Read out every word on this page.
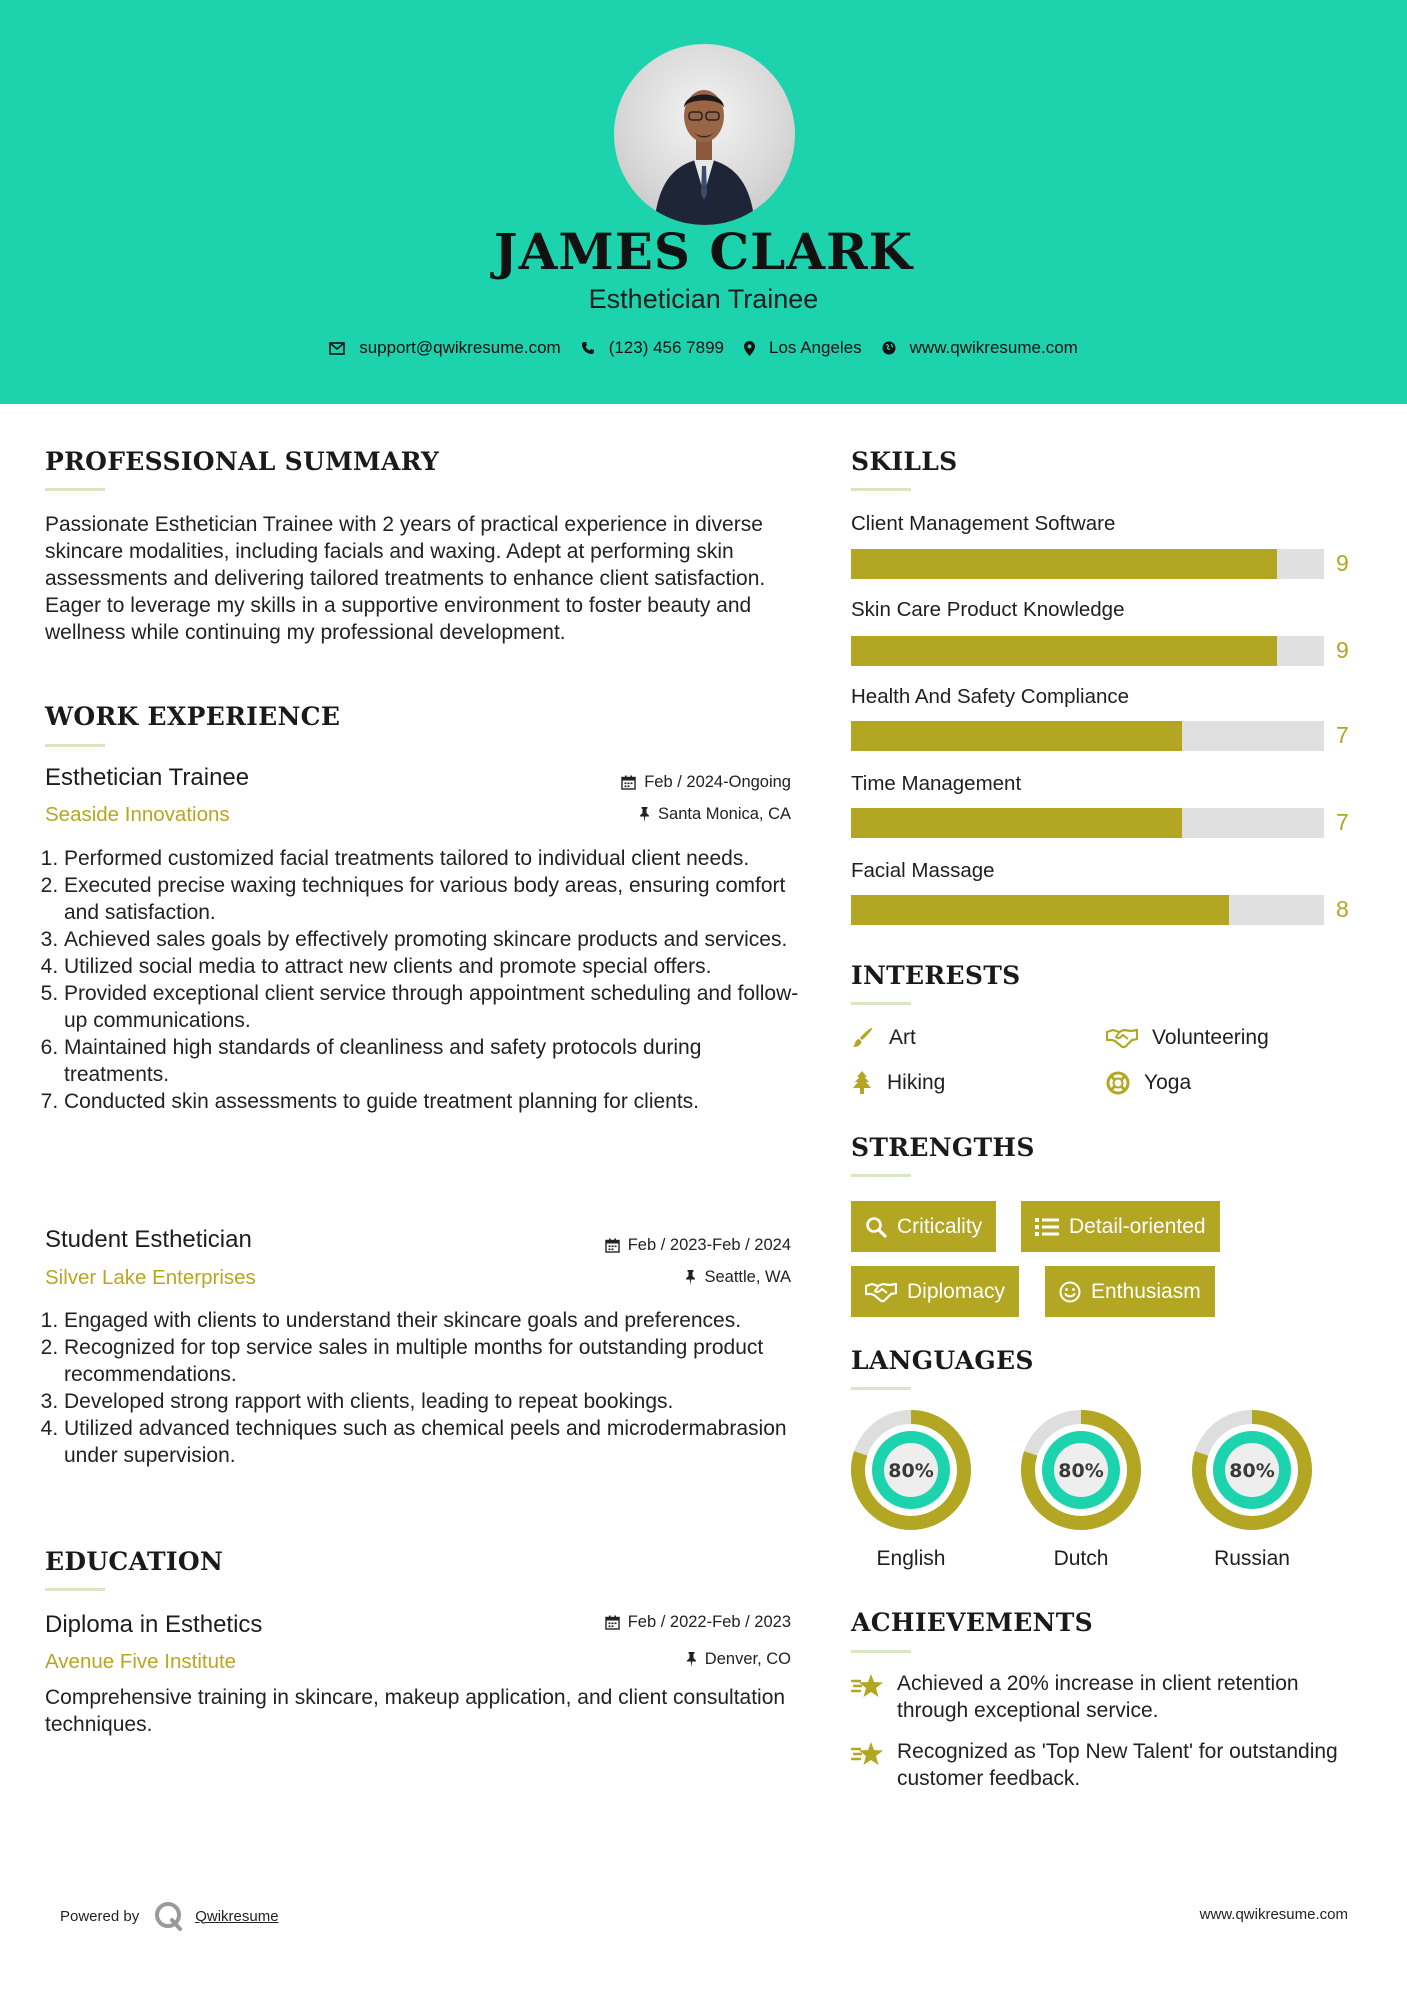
JAMES CLARK
Esthetician Trainee
support@qwikresume.com	(123) 456 7899	Los Angeles	www.qwikresume.com
PROFESSIONAL SUMMARY
Passionate Esthetician Trainee with 2 years of practical experience in diverse skincare modalities, including facials and waxing. Adept at performing skin assessments and delivering tailored treatments to enhance client satisfaction. Eager to leverage my skills in a supportive environment to foster beauty and wellness while continuing my professional development.
WORK EXPERIENCE
Esthetician Trainee	Feb / 2024-Ongoing
Seaside Innovations	Santa Monica, CA
1. Performed customized facial treatments tailored to individual client needs.
2. Executed precise waxing techniques for various body areas, ensuring comfort and satisfaction.
3. Achieved sales goals by effectively promoting skincare products and services.
4. Utilized social media to attract new clients and promote special offers.
5. Provided exceptional client service through appointment scheduling and follow-up communications.
6. Maintained high standards of cleanliness and safety protocols during treatments.
7. Conducted skin assessments to guide treatment planning for clients.
Student Esthetician	Feb / 2023-Feb / 2024
Silver Lake Enterprises	Seattle, WA
1. Engaged with clients to understand their skincare goals and preferences.
2. Recognized for top service sales in multiple months for outstanding product recommendations.
3. Developed strong rapport with clients, leading to repeat bookings.
4. Utilized advanced techniques such as chemical peels and microdermabrasion under supervision.
EDUCATION
Diploma in Esthetics	Feb / 2022-Feb / 2023
Avenue Five Institute	Denver, CO
Comprehensive training in skincare, makeup application, and client consultation techniques.
SKILLS
Client Management Software
9
Skin Care Product Knowledge
9
Health And Safety Compliance
7
Time Management
7
Facial Massage
8
INTERESTS
Art	Volunteering
Hiking	Yoga
STRENGTHS
Criticality	Detail-oriented
Diplomacy	Enthusiasm
LANGUAGES
80%
English
80%
Dutch
80%
Russian
ACHIEVEMENTS
Achieved a 20% increase in client retention through exceptional service.
Recognized as 'Top New Talent' for outstanding customer feedback.
Powered by	Qwikresume	www.qwikresume.com
